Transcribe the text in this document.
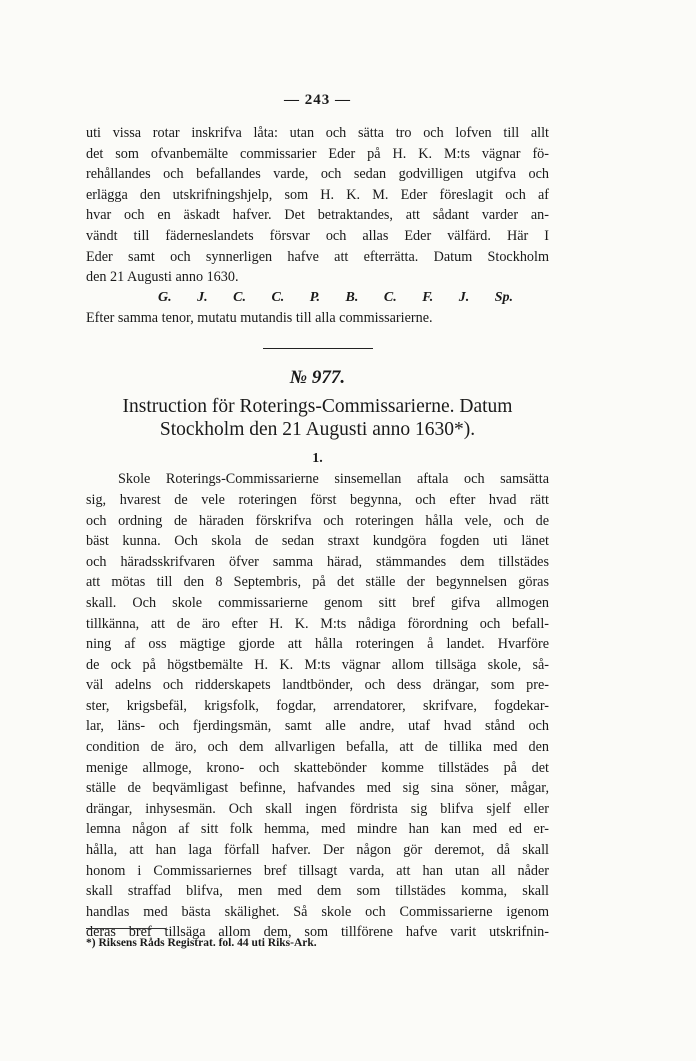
— 243 —
uti vissa rotar inskrifva låta: utan och sätta tro och lofven till allt
det som ofvanbemälte commissarier Eder på H. K. M:ts vägnar fö-
rehållandes och befallandes varde, och sedan godvilligen utgifva och
erlägga den utskrifningshjelp, som H. K. M. Eder föreslagit och af
hvar och en äskadt hafver. Det betraktandes, att sådant varder an-
vändt till fäderneslandets försvar och allas Eder välfärd. Här I
Eder samt och synnerligen hafve att efterrätta. Datum Stockholm
den 21 Augusti anno 1630.
G. J. C. C. P. B. C. F. J. Sp.
Efter samma tenor, mutatu mutandis till alla commissarierne.
№ 977.
Instruction för Roterings-Commissarierne. Datum
Stockholm den 21 Augusti anno 1630*).
1.
Skole Roterings-Commissarierne sinsemellan aftala och samsätta
sig, hvarest de vele roteringen först begynna, och efter hvad rätt
och ordning de häraden förskrifva och roteringen hålla vele, och de
bäst kunna. Och skola de sedan straxt kundgöra fogden uti länet
och häradsskrifvaren öfver samma härad, stämmandes dem tillstädes
att mötas till den 8 Septembris, på det ställe der begynnelsen göras
skall. Och skole commissarierne genom sitt bref gifva allmogen
tillkänna, att de äro efter H. K. M:ts nådiga förordning och befall-
ning af oss mägtige gjorde att hålla roteringen å landet. Hvarföre
de ock på högstbemälte H. K. M:ts vägnar allom tillsäga skole, så-
väl adelns och ridderskapets landtbönder, och dess drängar, som pre-
ster, krigsbefäl, krigsfolk, fogdar, arrendatorer, skrifvare, fogdekar-
lar, läns- och fjerdingsmän, samt alle andre, utaf hvad stånd och
condition de äro, och dem allvarligen befalla, att de tillika med den
menige allmoge, krono- och skattebönder komme tillstädes på det
ställe de beqvämligast befinne, hafvandes med sig sina söner, mågar,
drängar, inhysesmän. Och skall ingen fördrista sig blifva sjelf eller
lemna någon af sitt folk hemma, med mindre han kan med ed er-
hålla, att han laga förfall hafver. Der någon gör deremot, då skall
honom i Commissariernes bref tillsagt varda, att han utan all nåder
skall straffad blifva, men med dem som tillstädes komma, skall
handlas med bästa skälighet. Så skole och Commissarierne igenom
deras bref tillsäga allom dem, som tillförene hafve varit utskrifnin-
*) Riksens Råds Registrat. fol. 44 uti Riks-Ark.
